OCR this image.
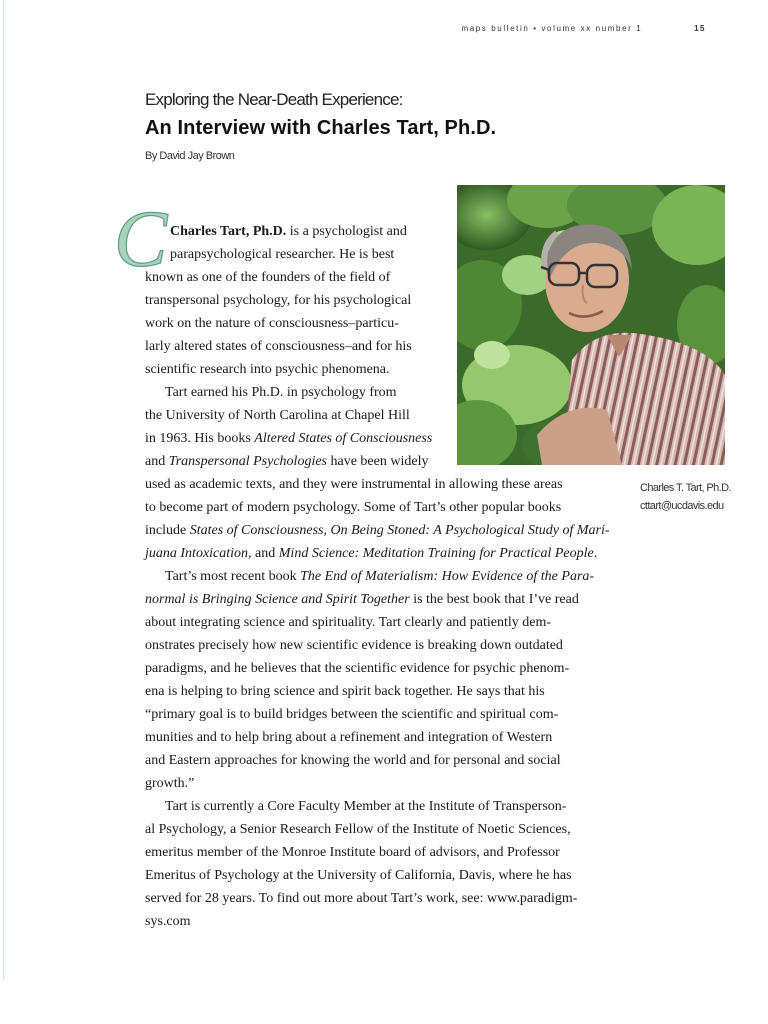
maps bulletin • volume xx number 1	15
Exploring the Near-Death Experience:
An Interview with Charles Tart, Ph.D.
By David Jay Brown
Charles T. Tart, Ph.D.
cttart@ucdavis.edu
C Charles Tart, Ph.D. is a psychologist and
parapsychological researcher. He is best
known as one of the founders of the field of
transpersonal psychology, for his psychological
work on the nature of consciousness–particu-
larly altered states of consciousness–and for his
scientific research into psychic phenomena.
Tart earned his Ph.D. in psychology from
the University of North Carolina at Chapel Hill
in 1963. His books Altered States of Consciousness
and Transpersonal Psychologies have been widely
used as academic texts, and they were instrumental in allowing these areas
to become part of modern psychology. Some of Tart’s other popular books
include States of Consciousness, On Being Stoned: A Psychological Study of Mari-
juana Intoxication, and Mind Science: Meditation Training for Practical People.
Tart’s most recent book The End of Materialism: How Evidence of the Para-
normal is Bringing Science and Spirit Together is the best book that I’ve read
about integrating science and spirituality. Tart clearly and patiently dem-
onstrates precisely how new scientific evidence is breaking down outdated
paradigms, and he believes that the scientific evidence for psychic phenom-
ena is helping to bring science and spirit back together. He says that his
“primary goal is to build bridges between the scientific and spiritual com-
munities and to help bring about a refinement and integration of Western
and Eastern approaches for knowing the world and for personal and social
growth.”
Tart is currently a Core Faculty Member at the Institute of Transperson-
al Psychology, a Senior Research Fellow of the Institute of Noetic Sciences,
emeritus member of the Monroe Institute board of advisors, and Professor
Emeritus of Psychology at the University of California, Davis, where he has
served for 28 years. To find out more about Tart’s work, see: www.paradigm-
sys.com
